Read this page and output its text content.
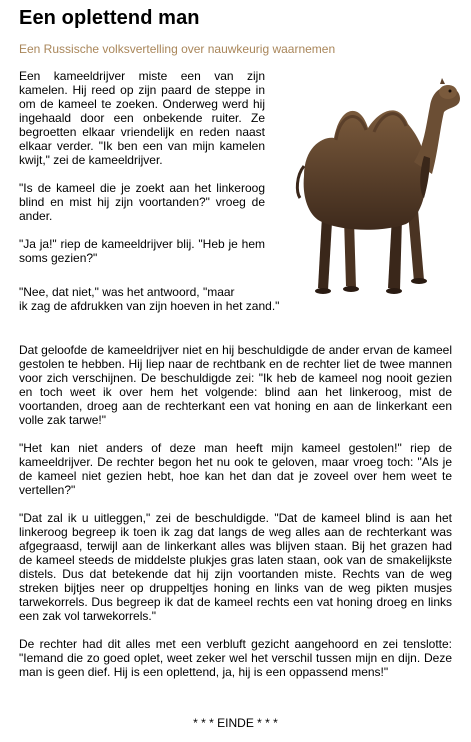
Een oplettend man
Een Russische volksvertelling over nauwkeurig waarnemen

Een kameeldrijver miste een van zijn kamelen. Hij reed op zijn paard de steppe in om de kameel te zoeken. Onderweg werd hij ingehaald door een onbekende ruiter. Ze begroetten elkaar vriendelijk en reden naast elkaar verder. "Ik ben een van mijn kamelen kwijt," zei de kameeldrijver.

"Is de kameel die je zoekt aan het linkeroog blind en mist hij zijn voortanden?" vroeg de ander.

"Ja ja!" riep de kameeldrijver blij. "Heb je hem soms gezien?"

"Nee, dat niet," was het antwoord, "maar
ik zag de afdrukken van zijn hoeven in het zand."

Dat geloofde de kameeldrijver niet en hij beschuldigde de ander ervan de kameel gestolen te hebben. Hij liep naar de rechtbank en de rechter liet de twee mannen voor zich verschijnen. De beschuldigde zei: "Ik heb de kameel nog nooit gezien en toch weet ik over hem het volgende: blind aan het linkeroog, mist de voortanden, droeg aan de rechterkant een vat honing en aan de linkerkant een volle zak tarwe!"

"Het kan niet anders of deze man heeft mijn kameel gestolen!" riep de kameeldrijver. De rechter begon het nu ook te geloven, maar vroeg toch: "Als je de kameel niet gezien hebt, hoe kan het dan dat je zoveel over hem weet te vertellen?"

"Dat zal ik u uitleggen," zei de beschuldigde. "Dat de kameel blind is aan het linkeroog begreep ik toen ik zag dat langs de weg alles aan de rechterkant was afgegraasd, terwijl aan de linkerkant alles was blijven staan. Bij het grazen had de kameel steeds de middelste plukjes gras laten staan, ook van de smakelijkste distels. Dus dat betekende dat hij zijn voortanden miste. Rechts van de weg streken bijtjes neer op druppeltjes honing en links van de weg pikten musjes tarwekorrels. Dus begreep ik dat de kameel rechts een vat honing droeg en links een zak vol tarwekorrels."

De rechter had dit alles met een verbluft gezicht aangehoord en zei tenslotte: "Iemand die zo goed oplet, weet zeker wel het verschil tussen mijn en dijn. Deze man is geen dief. Hij is een oplettend, ja, hij is een oppassend mens!"

* * * EINDE * * *
